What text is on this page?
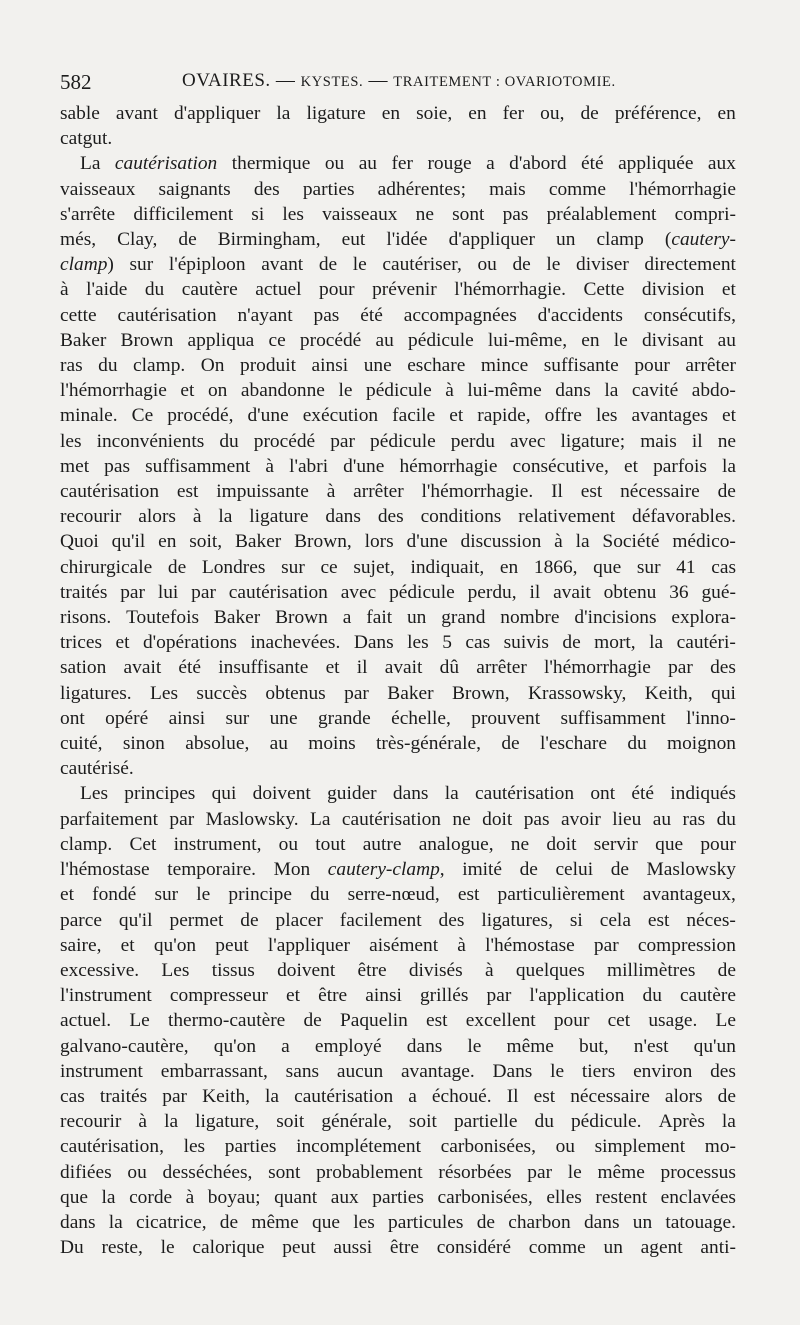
582	OVAIRES. — KYSTES. — TRAITEMENT : OVARIOTOMIE.
sable avant d'appliquer la ligature en soie, en fer ou, de préférence, en
catgut.
La cautérisation thermique ou au fer rouge a d'abord été appliquée aux
vaisseaux saignants des parties adhérentes; mais comme l'hémorrhagie
s'arrête difficilement si les vaisseaux ne sont pas préalablement compri-
més, Clay, de Birmingham, eut l'idée d'appliquer un clamp (cautery-
clamp) sur l'épiploon avant de le cautériser, ou de le diviser directement
à l'aide du cautère actuel pour prévenir l'hémorrhagie. Cette division et
cette cautérisation n'ayant pas été accompagnées d'accidents consécutifs,
Baker Brown appliqua ce procédé au pédicule lui-même, en le divisant au
ras du clamp. On produit ainsi une eschare mince suffisante pour arrêter
l'hémorrhagie et on abandonne le pédicule à lui-même dans la cavité abdo-
minale. Ce procédé, d'une exécution facile et rapide, offre les avantages et
les inconvénients du procédé par pédicule perdu avec ligature; mais il ne
met pas suffisamment à l'abri d'une hémorrhagie consécutive, et parfois la
cautérisation est impuissante à arrêter l'hémorrhagie. Il est nécessaire de
recourir alors à la ligature dans des conditions relativement défavorables.
Quoi qu'il en soit, Baker Brown, lors d'une discussion à la Société médico-
chirurgicale de Londres sur ce sujet, indiquait, en 1866, que sur 41 cas
traités par lui par cautérisation avec pédicule perdu, il avait obtenu 36 gué-
risons. Toutefois Baker Brown a fait un grand nombre d'incisions explora-
trices et d'opérations inachevées. Dans les 5 cas suivis de mort, la cautéri-
sation avait été insuffisante et il avait dû arrêter l'hémorrhagie par des
ligatures. Les succès obtenus par Baker Brown, Krassowsky, Keith, qui
ont opéré ainsi sur une grande échelle, prouvent suffisamment l'inno-
cuité, sinon absolue, au moins très-générale, de l'eschare du moignon
cautérisé.
Les principes qui doivent guider dans la cautérisation ont été indiqués
parfaitement par Maslowsky. La cautérisation ne doit pas avoir lieu au ras du
clamp. Cet instrument, ou tout autre analogue, ne doit servir que pour
l'hémostase temporaire. Mon cautery-clamp, imité de celui de Maslowsky
et fondé sur le principe du serre-nœud, est particulièrement avantageux,
parce qu'il permet de placer facilement des ligatures, si cela est néces-
saire, et qu'on peut l'appliquer aisément à l'hémostase par compression
excessive. Les tissus doivent être divisés à quelques millimètres de
l'instrument compresseur et être ainsi grillés par l'application du cautère
actuel. Le thermo-cautère de Paquelin est excellent pour cet usage. Le
galvano-cautère, qu'on a employé dans le même but, n'est qu'un
instrument embarrassant, sans aucun avantage. Dans le tiers environ des
cas traités par Keith, la cautérisation a échoué. Il est nécessaire alors de
recourir à la ligature, soit générale, soit partielle du pédicule. Après la
cautérisation, les parties incomplétement carbonisées, ou simplement mo-
difiées ou desséchées, sont probablement résorbées par le même processus
que la corde à boyau; quant aux parties carbonisées, elles restent enclavées
dans la cicatrice, de même que les particules de charbon dans un tatouage.
Du reste, le calorique peut aussi être considéré comme un agent anti-
